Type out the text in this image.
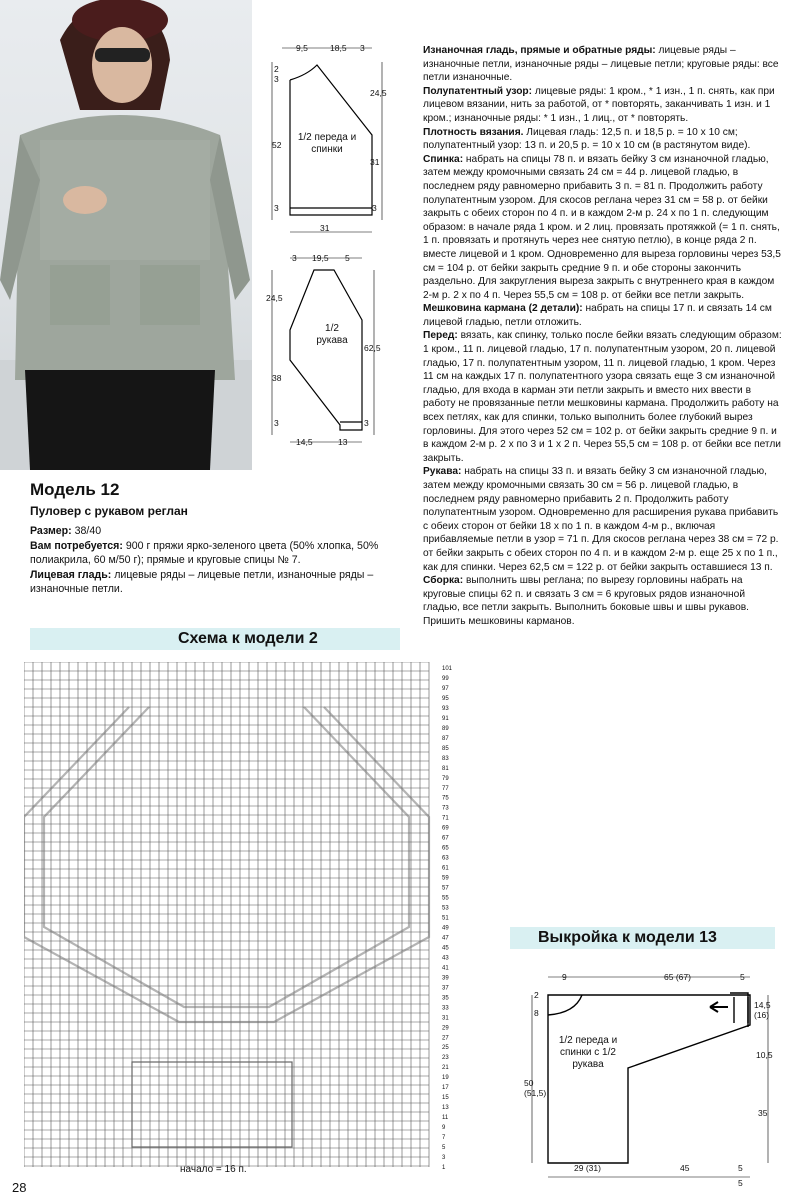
Модель 12
Пуловер с рукавом реглан

Размер: 38/40

Вам потребуется: 900 г пряжи ярко-зеленого цвета (50% хлопка, 50% полиакрила, 60 м/50 г); прямые и круговые спицы № 7.

Лицевая гладь: лицевые ряды – лицевые петли, изнаночные ряды – изнаночные петли.

9,5	18,5 3
2
3
52
3
24,5
31
3
31
1/2 переда и спинки
3 19,5 5
24,5
38
3
62,5
3
14,5	13
1/2 рукава

Изнаночная гладь, прямые и обратные ряды: лицевые ряды – изнаночные петли, изнаночные ряды – лицевые петли; круговые ряды: все петли изнаночные.

Полупатентный узор: лицевые ряды: 1 кром., * 1 изн., 1 п. снять, как при лицевом вязании, нить за работой, от * повторять, заканчивать 1 изн. и 1 кром.; изнаночные ряды: * 1 изн., 1 лиц., от * повторять.

Плотность вязания. Лицевая гладь: 12,5 п. и 18,5 р. = 10 х 10 см; полупатентный узор: 13 п. и 20,5 р. = 10 х 10 см (в растянутом виде).

Спинка: набрать на спицы 78 п. и вязать бейку 3 см изнаночной гладью, затем между кромочными связать 24 см = 44 р. лицевой гладью, в последнем ряду равномерно прибавить 3 п. = 81 п. Продолжить работу полупатентным узором. Для скосов реглана через 31 см = 58 р. от бейки закрыть с обеих сторон по 4 п. и в каждом 2-м р. 24 х по 1 п. следующим образом: в начале ряда 1 кром. и 2 лиц. провязать протяжкой (= 1 п. снять, 1 п. провязать и протянуть через нее снятую петлю), в конце ряда 2 п. вместе лицевой и 1 кром. Одновременно для выреза горловины через 53,5 см = 104 р. от бейки закрыть средние 9 п. и обе стороны закончить раздельно. Для закругления выреза закрыть с внутреннего края в каждом 2-м р. 2 х по 4 п. Через 55,5 см = 108 р. от бейки все петли закрыть.

Мешковина кармана (2 детали): набрать на спицы 17 п. и связать 14 см лицевой гладью, петли отложить.

Перед: вязать, как спинку, только после бейки вязать следующим образом: 1 кром., 11 п. лицевой гладью, 17 п. полупатентным узором, 20 п. лицевой гладью, 17 п. полупатентным узором, 11 п. лицевой гладью, 1 кром. Через 11 см на каждых 17 п. полупатентного узора связать еще 3 см изнаночной гладью, для входа в карман эти петли закрыть и вместо них ввести в работу не провязанные петли мешковины кармана. Продолжить работу на всех петлях, как для спинки, только выполнить более глубокий вырез горловины. Для этого через 52 см = 102 р. от бейки закрыть средние 9 п. и в каждом 2-м р. 2 х по 3 и 1 х 2 п. Через 55,5 см = 108 р. от бейки все петли закрыть.

Рукава: набрать на спицы 33 п. и вязать бейку 3 см изнаночной гладью, затем между кромочными связать 30 см = 56 р. лицевой гладью, в последнем ряду равномерно прибавить 2 п. Продолжить работу полупатентным узором. Одновременно для расширения рукава прибавить с обеих сторон от бейки 18 х по 1 п. в каждом 4-м р., включая прибавляемые петли в узор = 71 п. Для скосов реглана через 38 см = 72 р. от бейки закрыть с обеих сторон по 4 п. и в каждом 2-м р. еще 25 х по 1 п., как для спинки. Через 62,5 см = 122 р. от бейки закрыть оставшиеся 13 п.

Сборка: выполнить швы реглана; по вырезу горловины набрать на круговые спицы 62 п. и связать 3 см = 6 круговых рядов изнаночной гладью, все петли закрыть. Выполнить боковые швы и швы рукавов. Пришить мешковины карманов.

Схема к модели 2
101
99
97
95
93
91
89
87
85
83
81
79
77
75
73
71
69
67
65
63
61
59
57
55
53
51
49
47
45
43
41
39
37
35
33
31
29
27
25
23
21
19
17
15
13
11
9
7
5
3
1
начало = 16 п.
Выкройка к модели 13
9	65 (67)	5
2
8
50 (51,5)
14,5 (16)
10,5
35
29 (31)	45	5
5
1/2 переда и спинки с 1/2 рукава
28
